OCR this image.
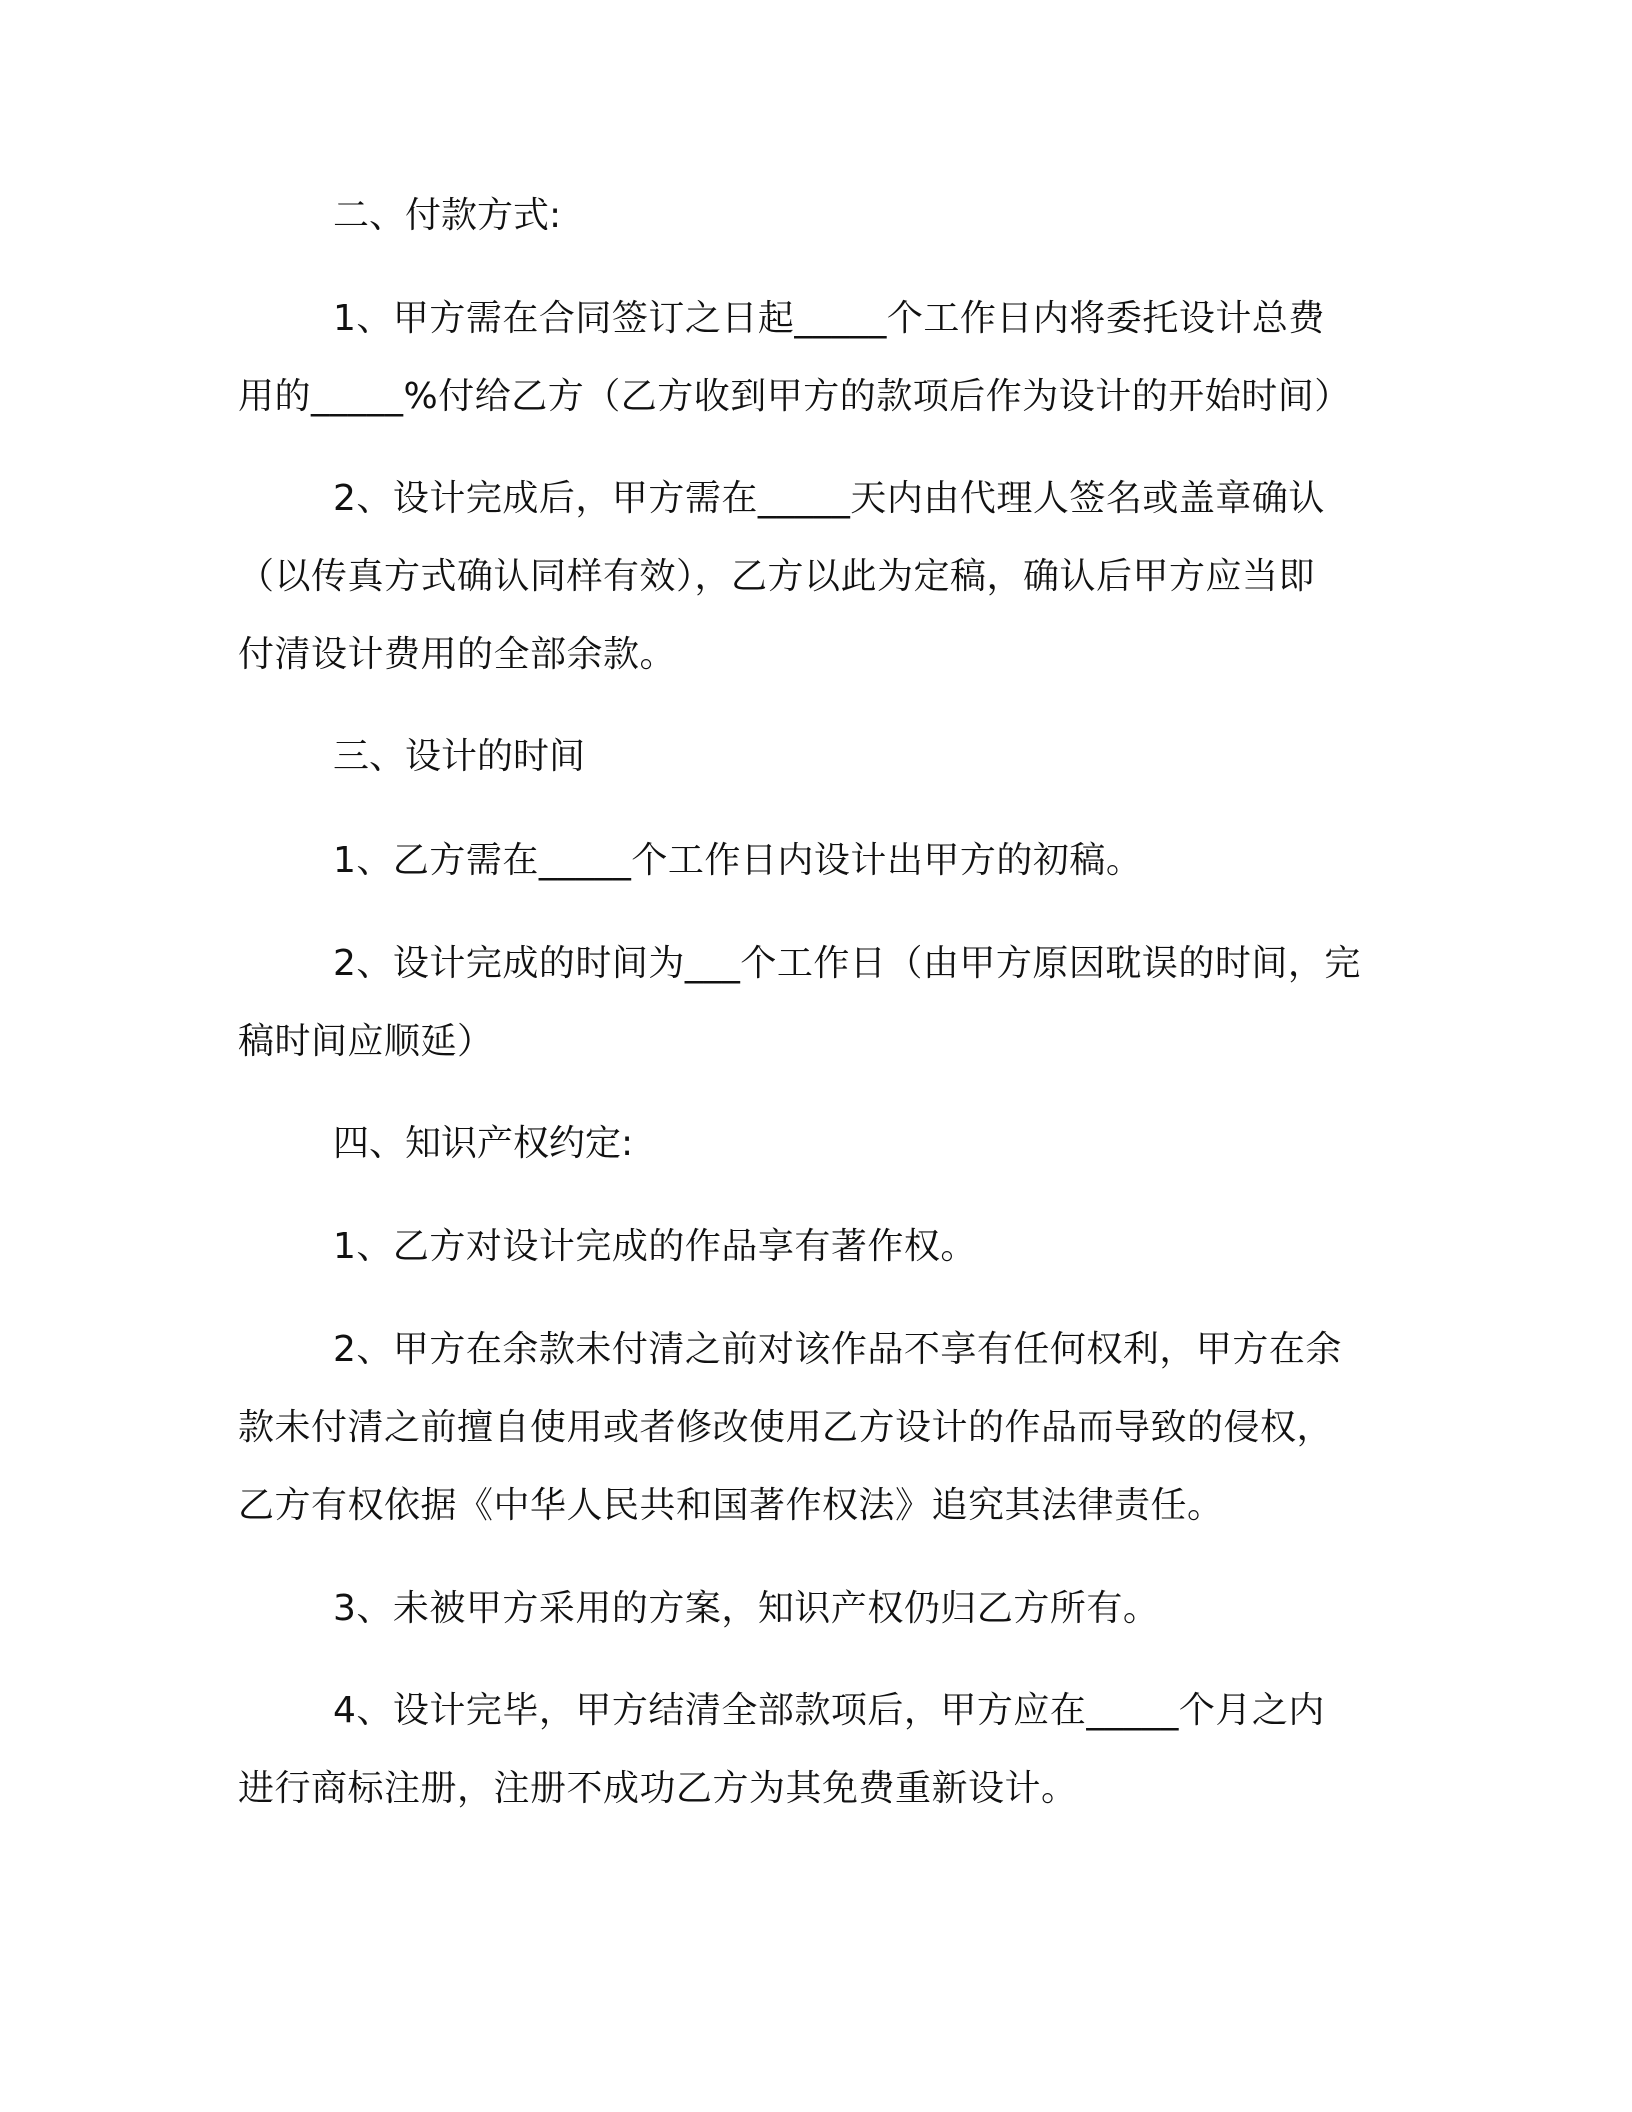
二、付款方式:

1、甲方需在合同签订之日起_____个工作日内将委托设计总费
用的_____%付给乙方（乙方收到甲方的款项后作为设计的开始时间）
2、设计完成后，甲方需在_____天内由代理人签名或盖章确认
（以传真方式确认同样有效），乙方以此为定稿，确认后甲方应当即
付清设计费用的全部余款。

三、设计的时间

1、乙方需在_____个工作日内设计出甲方的初稿。
2、设计完成的时间为___个工作日（由甲方原因耽误的时间，完
稿时间应顺延）

四、知识产权约定:

1、乙方对设计完成的作品享有著作权。
2、甲方在余款未付清之前对该作品不享有任何权利，甲方在余
款未付清之前擅自使用或者修改使用乙方设计的作品而导致的侵权，
乙方有权依据《中华人民共和国著作权法》追究其法律责任。
3、未被甲方采用的方案，知识产权仍归乙方所有。
4、设计完毕，甲方结清全部款项后，甲方应在_____个月之内
进行商标注册，注册不成功乙方为其免费重新设计。
